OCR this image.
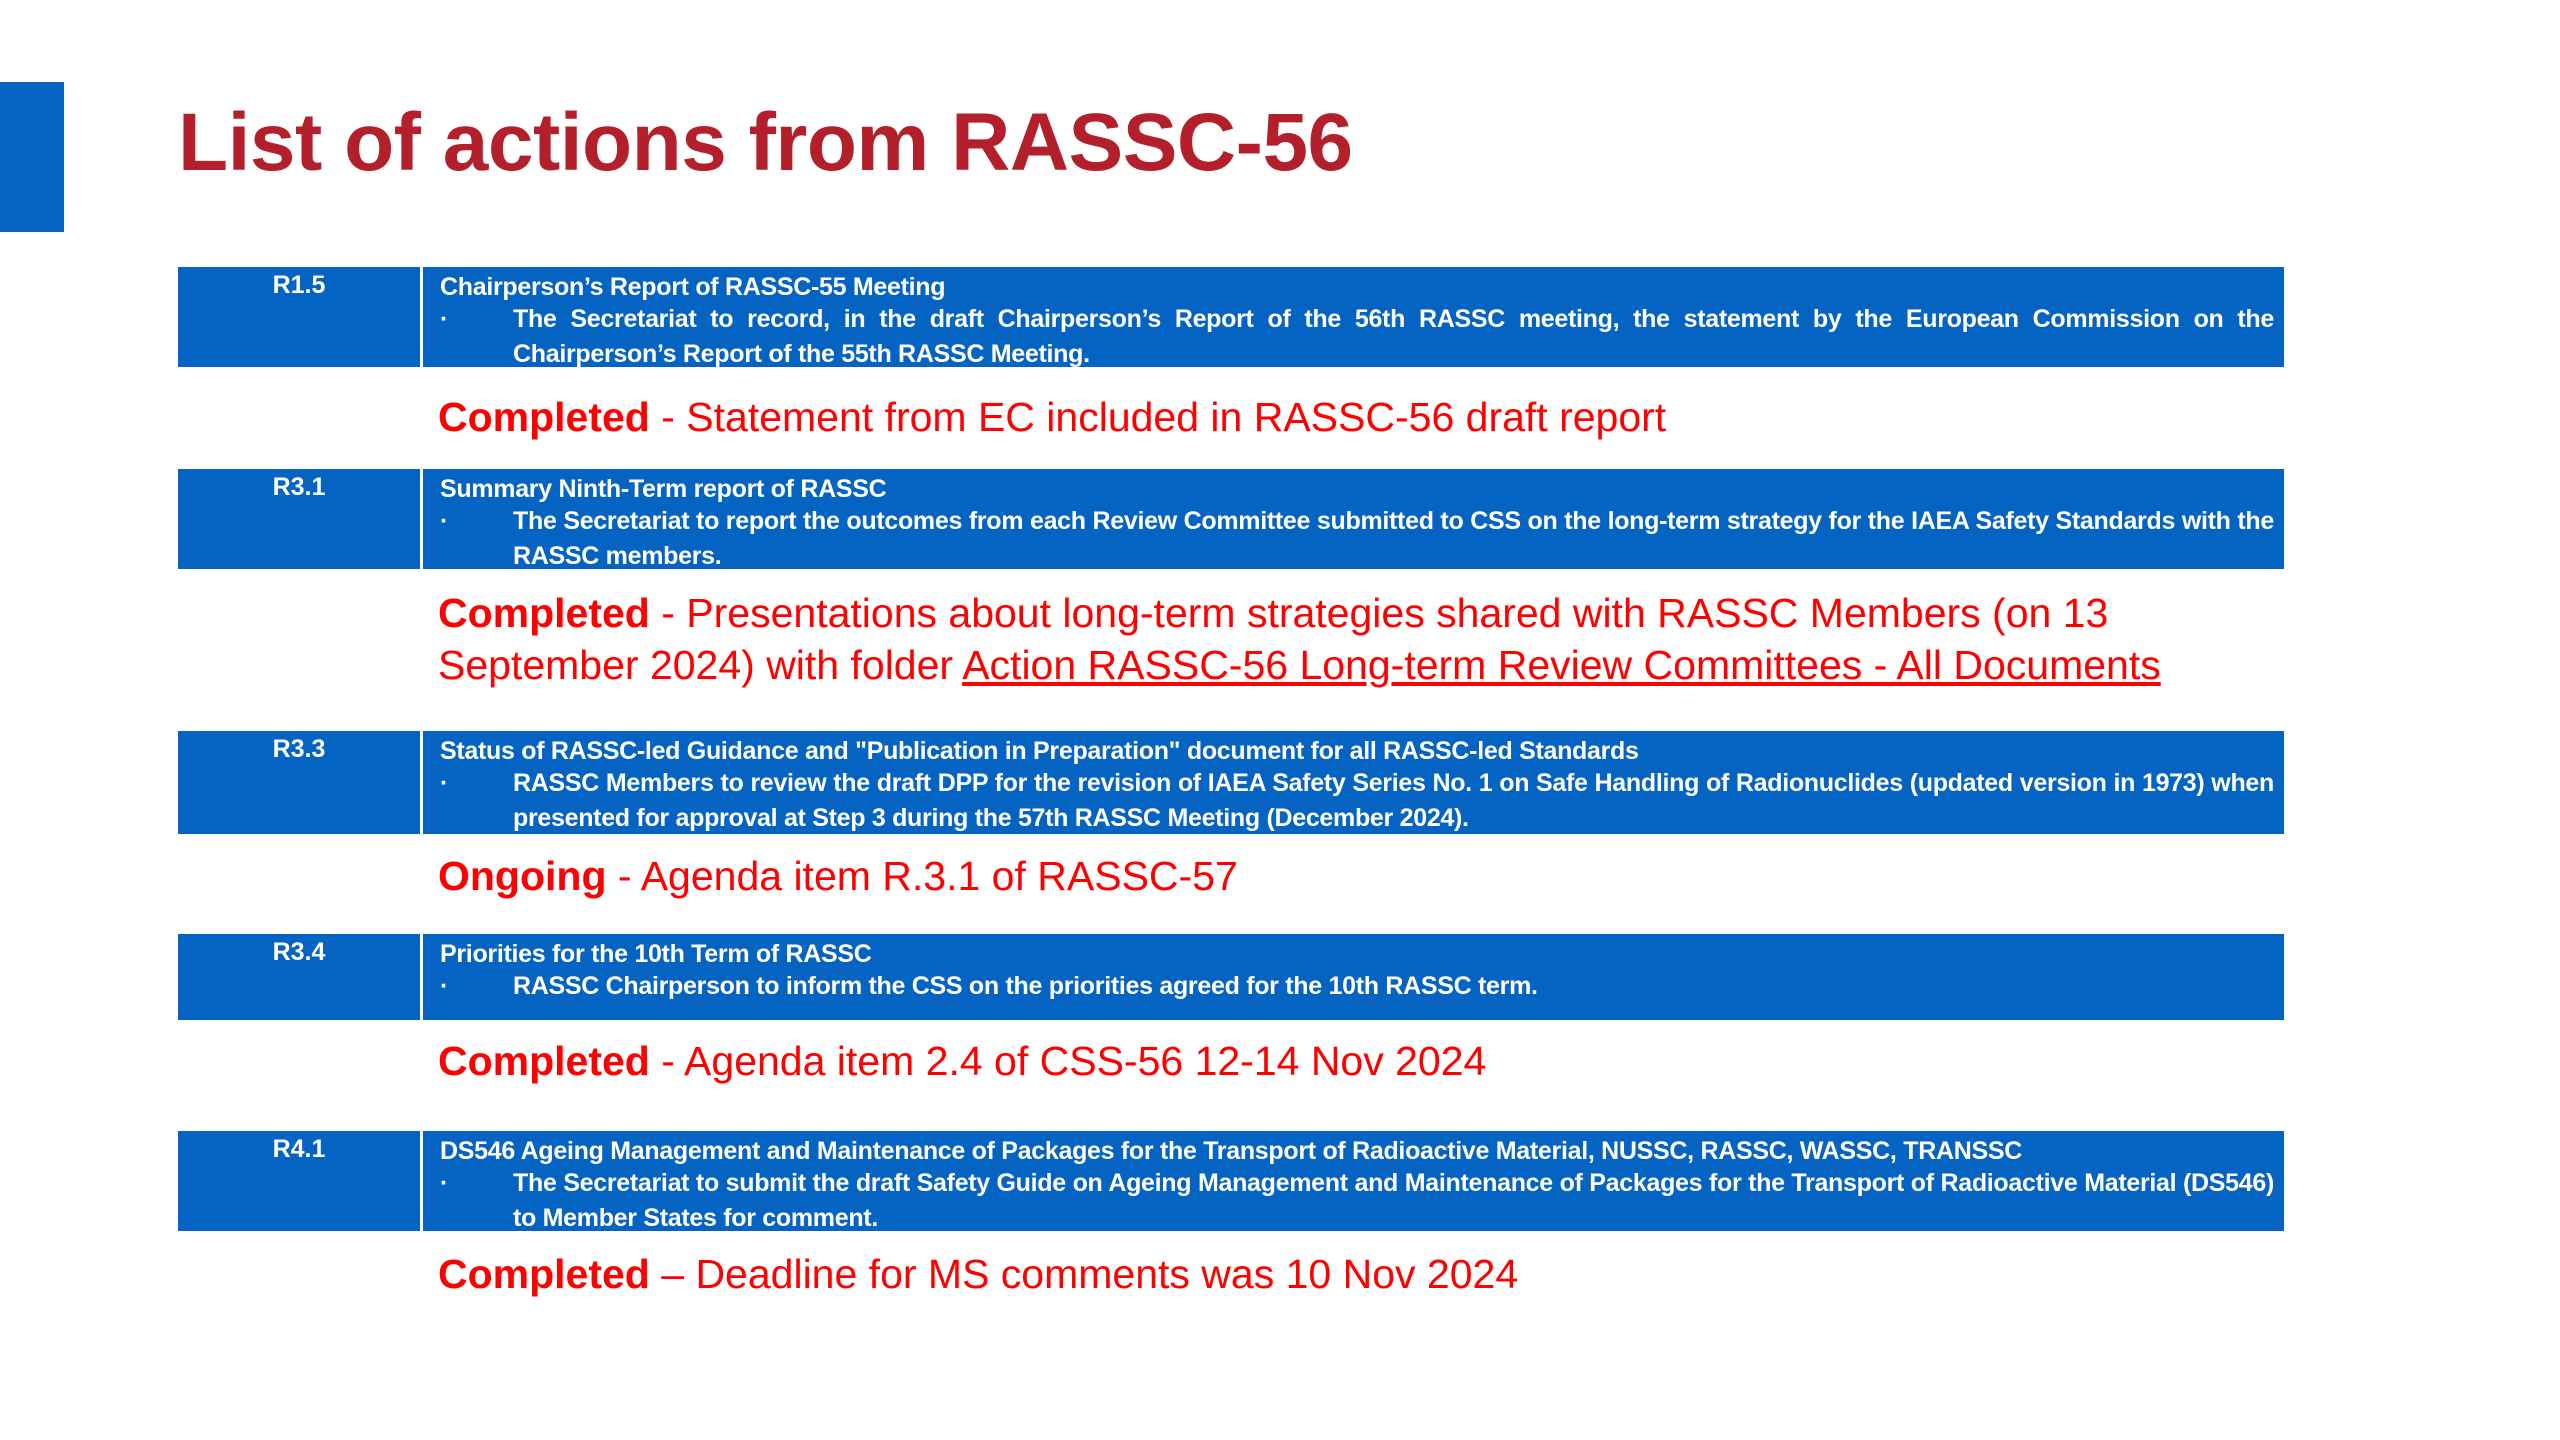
List of actions from RASSC-56
R1.5	Chairperson’s Report of RASSC-55 Meeting
·	The Secretariat to record, in the draft Chairperson’s Report of the 56th RASSC meeting, the statement by the European Commission on the Chairperson’s Report of the 55th RASSC Meeting.
Completed - Statement from EC included in RASSC-56 draft report
R3.1	Summary Ninth-Term report of RASSC
·	The Secretariat to report the outcomes from each Review Committee submitted to CSS on the long-term strategy for the IAEA Safety Standards with the RASSC members.
Completed - Presentations about long-term strategies shared with RASSC Members (on 13 September 2024) with folder Action RASSC-56 Long-term Review Committees - All Documents
R3.3	Status of RASSC-led Guidance and "Publication in Preparation" document for all RASSC-led Standards
·	RASSC Members to review the draft DPP for the revision of IAEA Safety Series No. 1 on Safe Handling of Radionuclides (updated version in 1973) when presented for approval at Step 3 during the 57th RASSC Meeting (December 2024).
Ongoing - Agenda item R.3.1 of RASSC-57
R3.4	Priorities for the 10th Term of RASSC
·	RASSC Chairperson to inform the CSS on the priorities agreed for the 10th RASSC term.
Completed - Agenda item 2.4 of CSS-56 12-14 Nov 2024
R4.1	DS546 Ageing Management and Maintenance of Packages for the Transport of Radioactive Material, NUSSC, RASSC, WASSC, TRANSSC
·	The Secretariat to submit the draft Safety Guide on Ageing Management and Maintenance of Packages for the Transport of Radioactive Material (DS546) to Member States for comment.
Completed – Deadline for MS comments was 10 Nov 2024
